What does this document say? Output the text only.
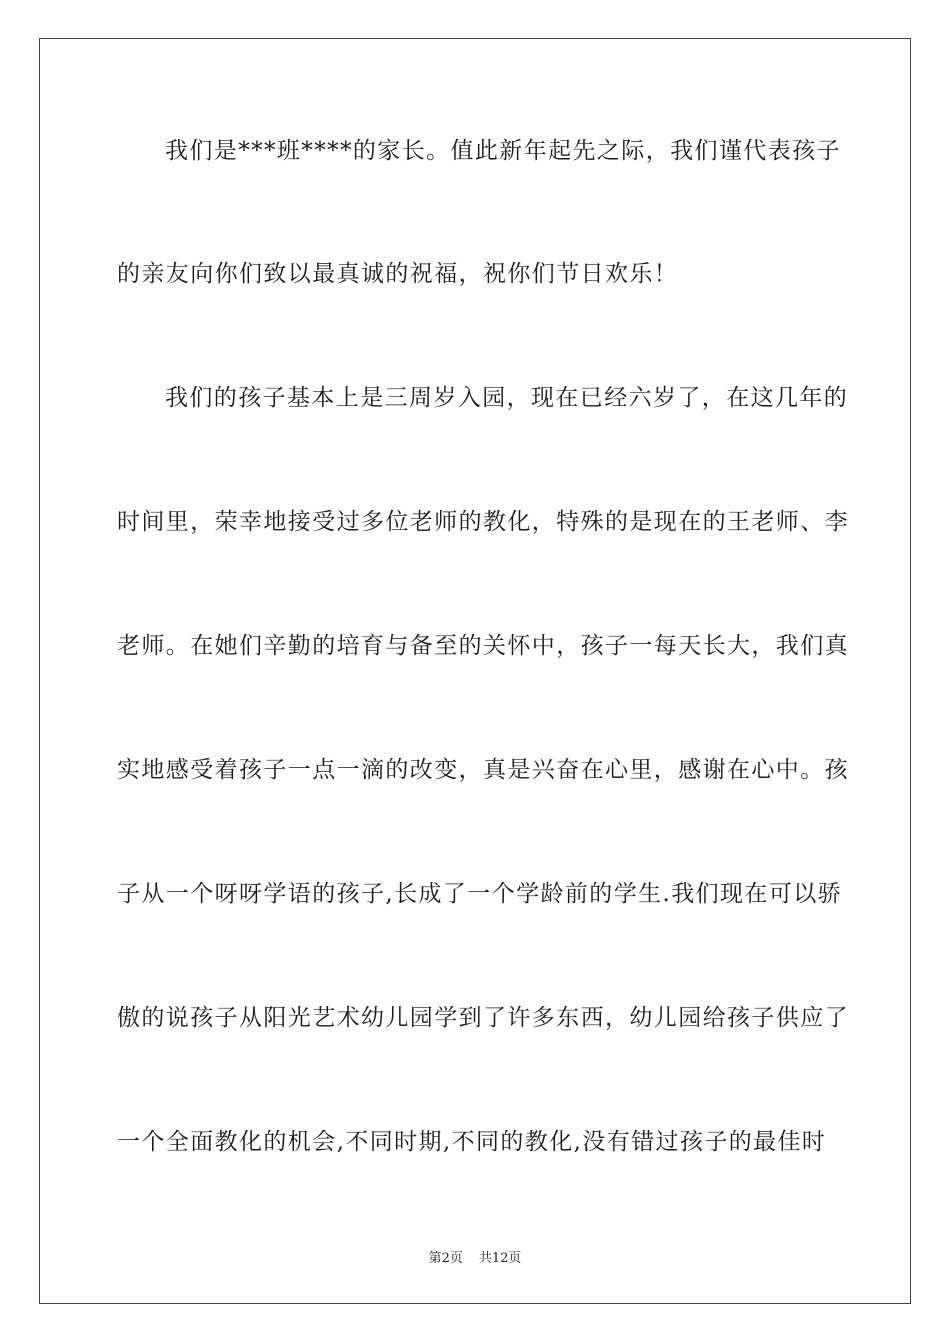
我们是***班****的家长。值此新年起先之际，我们谨代表孩子
的亲友向你们致以最真诚的祝福，祝你们节日欢乐！
我们的孩子基本上是三周岁入园，现在已经六岁了，在这几年的
时间里，荣幸地接受过多位老师的教化，特殊的是现在的王老师、李
老师。在她们辛勤的培育与备至的关怀中，孩子一每天长大，我们真
实地感受着孩子一点一滴的改变，真是兴奋在心里，感谢在心中。孩
子从一个呀呀学语的孩子,长成了一个学龄前的学生.我们现在可以骄
傲的说孩子从阳光艺术幼儿园学到了许多东西，幼儿园给孩子供应了
一个全面教化的机会,不同时期,不同的教化,没有错过孩子的最佳时
第2页 共12页
